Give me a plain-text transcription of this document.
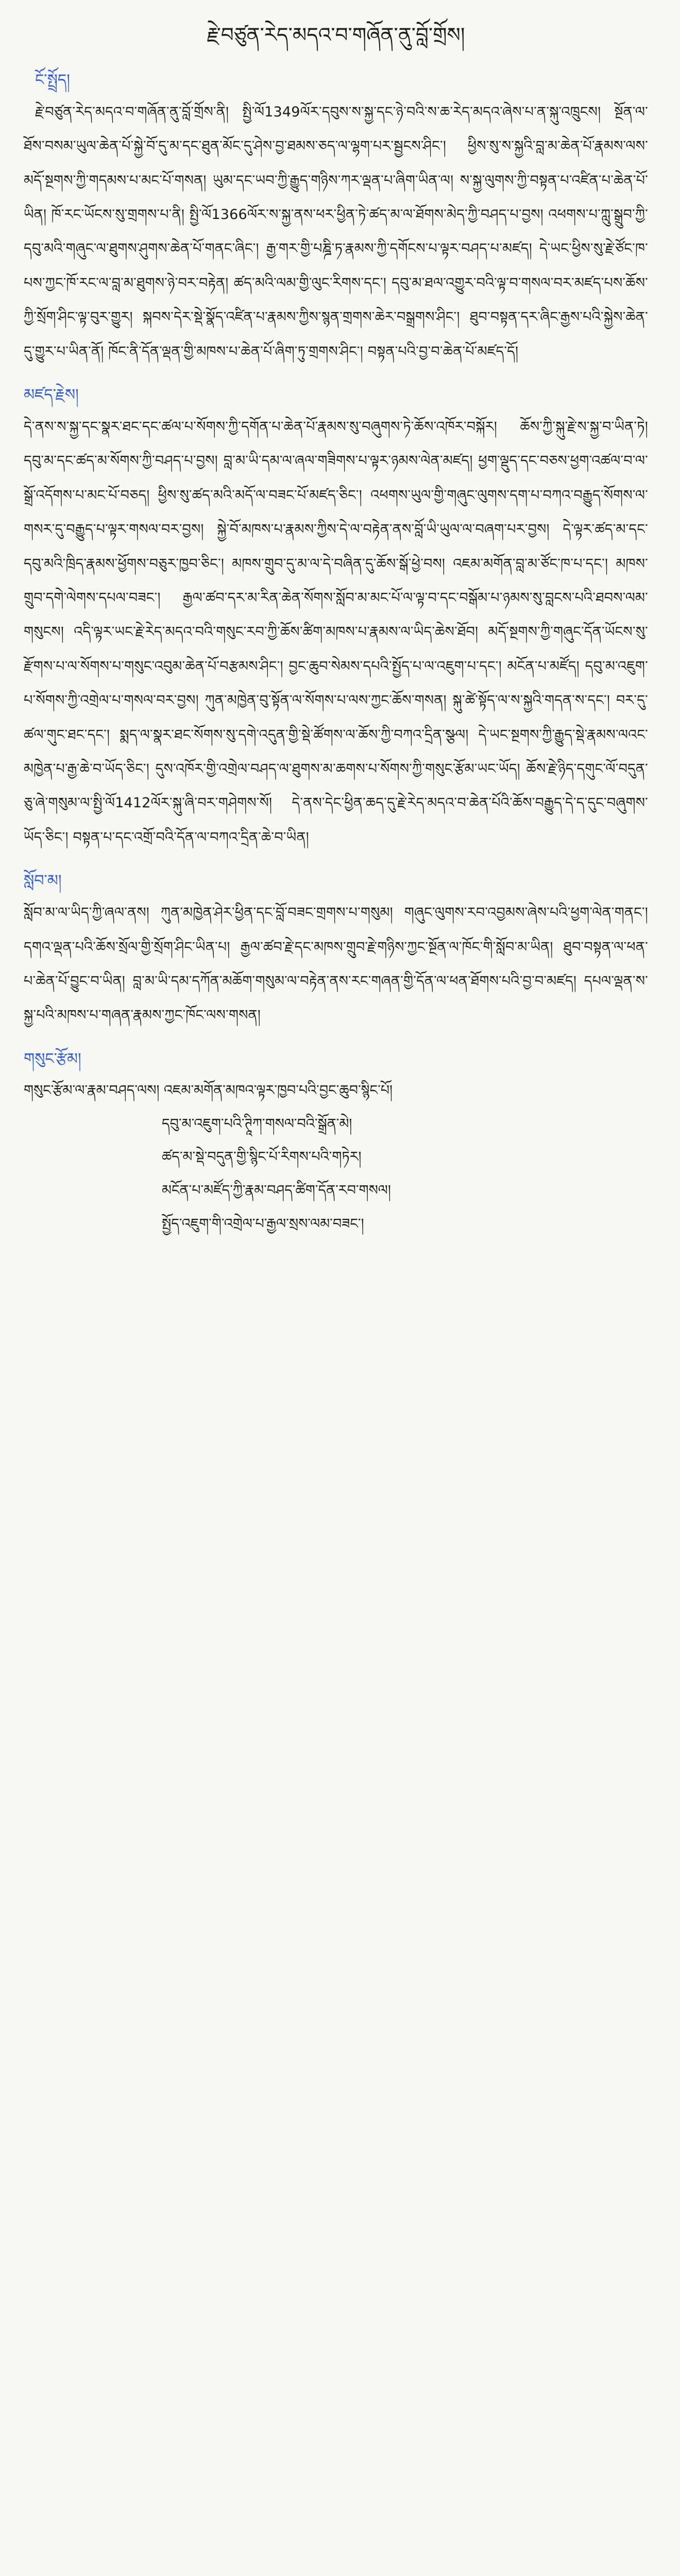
རྗེ་བཙུན་རེད་མདའ་བ་གཞོན་ནུ་བློ་གྲོས།
ངོ་སྤྲོད།

རྗེ་བཙུན་རེད་མདའ་བ་གཞོན་ནུ་བློ་གྲོས་ནི། སྤྱི་ལོ1349ལོར་དབུས་ས་སྐྱ་དང་ཉེ་བའི་ས་ཆ་རེད་མདའ་ཞེས་པ་ན་སྐུ་འཁྲུངས། སྔོན་ལ་ཐོས་བསམ་ཡུལ་ཆེན་པོ་སྐྱེ་བོ་དུ་མ་དང་ཐུན་མོང་དུ་ཤེས་བྱ་ཐམས་ཅད་ལ་ལྷག་པར་སྦྱངས་ཤིང་། ཕྱིས་སུ་ས་སྐྱའི་བླ་མ་ཆེན་པོ་རྣམས་ལས་མདོ་སྔགས་ཀྱི་གདམས་པ་མང་པོ་གསན། ཡུམ་དང་ཡབ་ཀྱི་རྒྱུད་གཉིས་ཀར་ལྡན་པ་ཞིག་ཡིན་ལ། ས་སྐྱ་ལུགས་ཀྱི་བསྟན་པ་འཛིན་པ་ཆེན་པོ་ཡིན། ཁོ་རང་ཡོངས་སུ་གྲགས་པ་ནི། སྤྱི་ལོ1366ལོར་ས་སྐྱ་ནས་ཕར་ཕྱིན་ཏེ་ཚད་མ་ལ་ཐོགས་མེད་ཀྱི་བཤད་པ་བྱས། འཕགས་པ་ཀླུ་སྒྲུབ་ཀྱི་དབུ་མའི་གཞུང་ལ་ཐུགས་ཤུགས་ཆེན་པོ་གནང་ཞིང་། རྒྱ་གར་གྱི་པཎྜི་ཏ་རྣམས་ཀྱི་དགོངས་པ་ལྟར་བཤད་པ་མཛད། དེ་ཡང་ཕྱིས་སུ་རྗེ་ཙོང་ཁ་པས་ཀྱང་ཁོ་རང་ལ་བླ་མ་ཐུགས་ཉེ་བར་བརྟེན། ཚད་མའི་ལམ་གྱི་ལུང་རིགས་དང་། དབུ་མ་ཐལ་འགྱུར་བའི་ལྟ་བ་གསལ་བར་མཛད་པས་ཆོས་ཀྱི་སྲོག་ཤིང་ལྟ་བུར་གྱུར། སྐབས་དེར་སྡེ་སྣོད་འཛིན་པ་རྣམས་ཀྱིས་སྙན་གྲགས་ཆེར་བསྒྲགས་ཤིང་། ཐུབ་བསྟན་དར་ཞིང་རྒྱས་པའི་སྐྱེས་ཆེན་དུ་གྱུར་པ་ཡིན་ནོ། ཁོང་ནི་དོན་ལྡན་གྱི་མཁས་པ་ཆེན་པོ་ཞིག་ཏུ་གྲགས་ཤིང་། བསྟན་པའི་བྱ་བ་ཆེན་པོ་མཛད་དོ།

མཛད་རྗེས།

དེ་ནས་ས་སྐྱ་དང་སྣར་ཐང་དང་ཚལ་པ་སོགས་ཀྱི་དགོན་པ་ཆེན་པོ་རྣམས་སུ་བཞུགས་ཏེ་ཆོས་འཁོར་བསྐོར། ཆོས་ཀྱི་སྐུ་རྗེ་ས་སྐྱ་བ་ཡིན་ཏེ། དབུ་མ་དང་ཚད་མ་སོགས་ཀྱི་བཤད་པ་བྱས། བླ་མ་ཡི་དམ་ལ་ཞལ་གཟིགས་པ་ལྟར་ཉམས་ལེན་མཛད། ཕྱག་ལྡུད་དང་བཅས་ཕྱག་འཚལ་བ་ལ་སྒྲོ་འདོགས་པ་མང་པོ་བཅད། ཕྱིས་སུ་ཚད་མའི་མདོ་ལ་བཟང་པོ་མཛད་ཅིང་། འཕགས་ཡུལ་གྱི་གཞུང་ལུགས་དག་པ་བཀའ་བརྒྱུད་སོགས་ལ་གསར་དུ་བརྒྱུད་པ་ལྟར་གསལ་བར་བྱས། སྐྱེ་བོ་མཁས་པ་རྣམས་ཀྱིས་དེ་ལ་བརྟེན་ནས་བློ་ཡི་ཡུལ་ལ་བཞག་པར་བྱས། དེ་ལྟར་ཚད་མ་དང་དབུ་མའི་ཁྲིད་རྣམས་ཕྱོགས་བཅུར་ཁྱབ་ཅིང་། མཁས་གྲུབ་དུ་མ་ལ་དེ་བཞིན་དུ་ཆོས་སྒོ་ཕྱེ་བས། འཇམ་མགོན་བླ་མ་ཙོང་ཁ་པ་དང་། མཁས་གྲུབ་དགེ་ལེགས་དཔལ་བཟང་། རྒྱལ་ཚབ་དར་མ་རིན་ཆེན་སོགས་སློབ་མ་མང་པོ་ལ་ལྟ་བ་དང་བསྒོམ་པ་ཉམས་སུ་བླངས་པའི་ཐབས་ལམ་གསུངས། འདི་ལྟར་ཡང་རྗེ་རེད་མདའ་བའི་གསུང་རབ་ཀྱི་ཆོས་ཚིག་མཁས་པ་རྣམས་ལ་ཡིད་ཆེས་ཐོབ། མདོ་སྔགས་ཀྱི་གཞུང་དོན་ཡོངས་སུ་རྫོགས་པ་ལ་སོགས་པ་གསུང་འབུམ་ཆེན་པོ་བརྩམས་ཤིང་། བྱང་ཆུབ་སེམས་དཔའི་སྤྱོད་པ་ལ་འཇུག་པ་དང་། མངོན་པ་མཛོད། དབུ་མ་འཇུག་པ་སོགས་ཀྱི་འགྲེལ་པ་གསལ་བར་བྱས། ཀུན་མཁྱེན་བུ་སྟོན་ལ་སོགས་པ་ལས་ཀྱང་ཆོས་གསན། སྐུ་ཚེ་སྟོད་ལ་ས་སྐྱའི་གདན་ས་དང་། བར་དུ་ཚལ་གུང་ཐང་དང་། སྨད་ལ་སྣར་ཐང་སོགས་སུ་དགེ་འདུན་གྱི་སྡེ་ཚོགས་ལ་ཆོས་ཀྱི་བཀའ་དྲིན་སྩལ། དེ་ཡང་སྔགས་ཀྱི་རྒྱུད་སྡེ་རྣམས་ལའང་མཁྱེན་པ་རྒྱ་ཆེ་བ་ཡོད་ཅིང་། དུས་འཁོར་གྱི་འགྲེལ་བཤད་ལ་ཐུགས་མ་ཆགས་པ་སོགས་ཀྱི་གསུང་རྩོམ་ཡང་ཡོད། ཆོས་རྗེ་ཉིད་དགུང་ལོ་བདུན་ཅུ་ཞེ་གསུམ་ལ་སྤྱི་ལོ1412ལོར་སྐུ་ཞི་བར་གཤེགས་སོ། དེ་ནས་དེང་ཕྱིན་ཆད་དུ་རྗེ་རེད་མདའ་བ་ཆེན་པོའི་ཆོས་བརྒྱུད་དེ་ད་དུང་བཞུགས་ཡོད་ཅིང་། བསྟན་པ་དང་འགྲོ་བའི་དོན་ལ་བཀའ་དྲིན་ཆེ་བ་ཡིན།

སློབ་མ།

སློབ་མ་ལ་ཡིད་ཀྱི་ཞལ་ནས། ཀུན་མཁྱེན་ཤེར་ཕྱིན་དང་བློ་བཟང་གྲགས་པ་གསུམ། གཞུང་ལུགས་རབ་འབྱམས་ཞེས་པའི་ཕྱག་ལེན་གནང་། དགའ་ལྡན་པའི་ཆོས་སྲོལ་གྱི་སྲོག་ཤིང་ཡིན་པ། རྒྱལ་ཚབ་རྗེ་དང་མཁས་གྲུབ་རྗེ་གཉིས་ཀྱང་སྔོན་ལ་ཁོང་གི་སློབ་མ་ཡིན། ཐུབ་བསྟན་ལ་ཕན་པ་ཆེན་པོ་བྱུང་བ་ཡིན། བླ་མ་ཡི་དམ་དཀོན་མཆོག་གསུམ་ལ་བརྟེན་ནས་རང་གཞན་གྱི་དོན་ལ་ཕན་ཐོགས་པའི་བྱ་བ་མཛད། དཔལ་ལྡན་ས་སྐྱ་པའི་མཁས་པ་གཞན་རྣམས་ཀྱང་ཁོང་ལས་གསན།

གསུང་རྩོམ།
གསུང་རྩོམ་ལ་རྣམ་བཤད་ལས། འཇམ་མགོན་མཁའ་ལྟར་ཁྱབ་པའི་བྱང་ཆུབ་སྙིང་པོ།
དབུ་མ་འཇུག་པའི་ཊཱིཀ་གསལ་བའི་སྒྲོན་མེ།
ཚད་མ་སྡེ་བདུན་གྱི་སྙིང་པོ་རིགས་པའི་གཏེར།
མངོན་པ་མཛོད་ཀྱི་རྣམ་བཤད་ཚིག་དོན་རབ་གསལ།
སྤྱོད་འཇུག་གི་འགྲེལ་པ་རྒྱལ་སྲས་ལམ་བཟང་།
